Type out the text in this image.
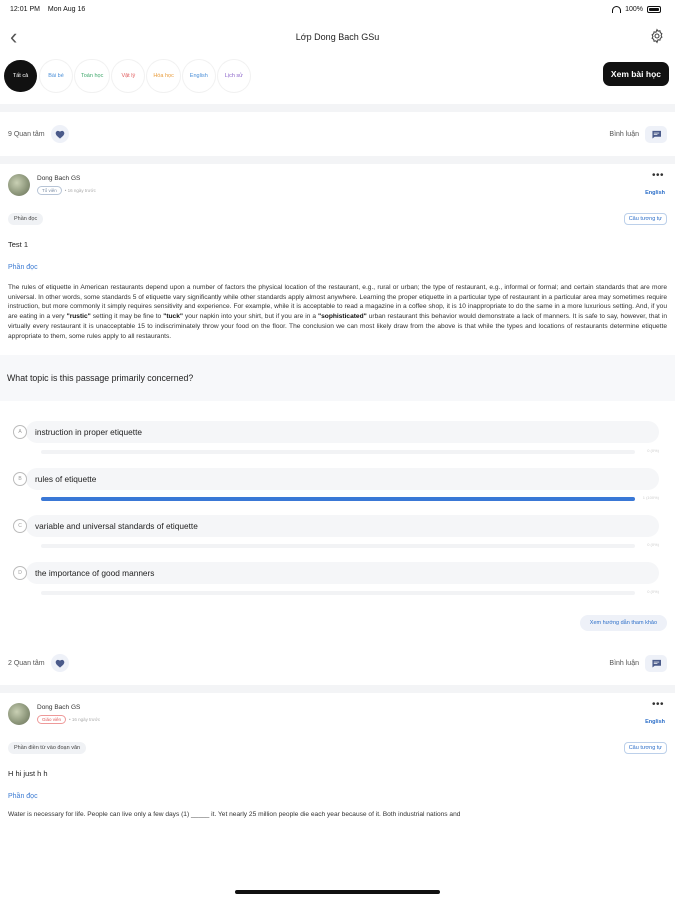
12:01 PM Mon Aug 16	100%
‹	Lớp Dong Bach GSu
Tất cả	Bài bé	Toán học	Vật lý	Hóa học	English	Lịch sử	Xem bài học
9 Quan tâm	Bình luận
Dong Bach GS
Tổ viên	• 16 ngày trước
•••
English
Phần đọc	Câu tương tự
Test 1
Phần đọc
The rules of etiquette in American restaurants depend upon a number of factors the physical location of the restaurant, e.g., rural or urban; the type of restaurant, e.g., informal or formal; and certain standards that are more universal. In other words, some standards 5 of etiquette vary significantly while other standards apply almost anywhere. Learning the proper etiquette in a particular type of restaurant in a particular area may sometimes require instruction, but more commonly it simply requires sensitivity and experience. For example, while it is acceptable to read a magazine in a coffee shop, it is 10 inappropriate to do the same in a more luxurious setting. And, if you are eating in a very "rustic" setting it may be fine to "tuck" your napkin into your shirt, but if you are in a "sophisticated" urban restaurant this behavior would demonstrate a lack of manners. It is safe to say, however, that in virtually every restaurant it is unacceptable 15 to indiscriminately throw your food on the floor. The conclusion we can most likely draw from the above is that while the types and locations of restaurants determine etiquette appropriate to them, some rules apply to all restaurants.
What topic is this passage primarily concerned?
A	instruction in proper etiquette
0 (0%)
B	rules of etiquette
1 (100%)
C	variable and universal standards of etiquette
0 (0%)
D	the importance of good manners
0 (0%)
Xem hướng dẫn tham khảo
2 Quan tâm	Bình luận
Dong Bach GS
Giáo viên	• 16 ngày trước
•••
English
Phần điền từ vào đoạn văn	Câu tương tự
H hi just h h
Phần đọc
Water is necessary for life. People can live only a few days (1) _____ it. Yet nearly 25 million people die each year because of it. Both industrial nations and
